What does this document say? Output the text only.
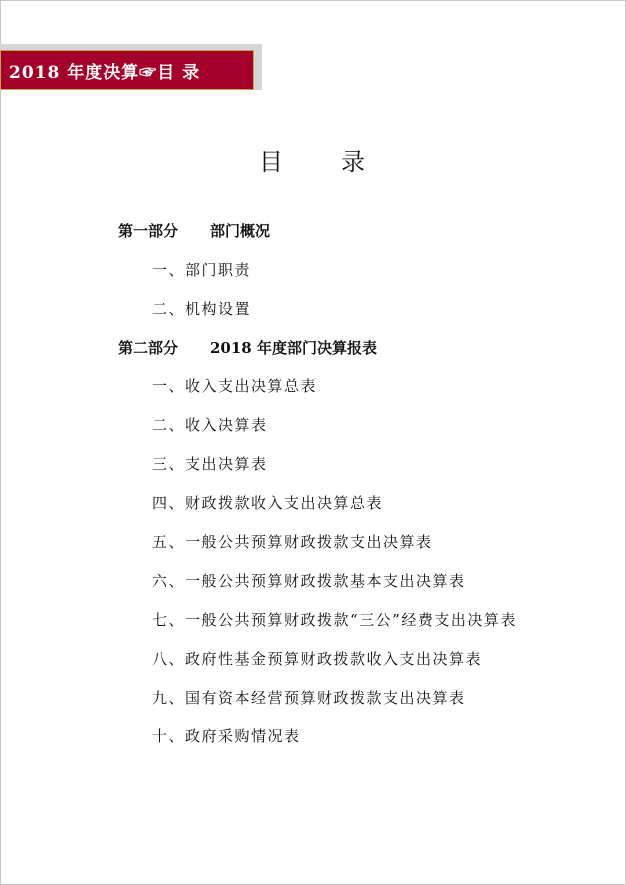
2018 年度决算☞目 录
目 录
第一部分 部门概况
一、部门职责
二、机构设置
第二部分 2018 年度部门决算报表
一、收入支出决算总表
二、收入决算表
三、支出决算表
四、财政拨款收入支出决算总表
五、一般公共预算财政拨款支出决算表
六、一般公共预算财政拨款基本支出决算表
七、一般公共预算财政拨款“三公”经费支出决算表
八、政府性基金预算财政拨款收入支出决算表
九、国有资本经营预算财政拨款支出决算表
十、政府采购情况表
